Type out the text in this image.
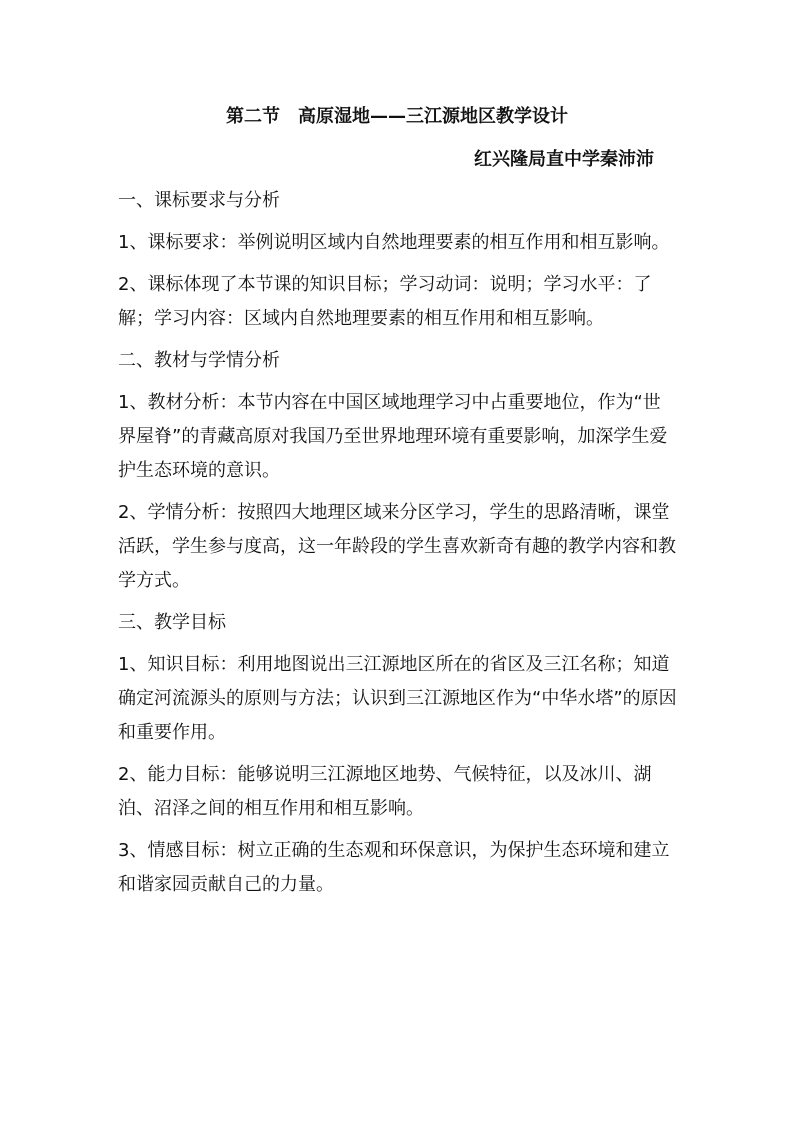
第二节　高原湿地——三江源地区教学设计
红兴隆局直中学秦沛沛

一、课标要求与分析

1、课标要求：举例说明区域内自然地理要素的相互作用和相互影响。

2、课标体现了本节课的知识目标；学习动词：说明；学习水平：了解；学习内容：区域内自然地理要素的相互作用和相互影响。

二、教材与学情分析

1、教材分析：本节内容在中国区域地理学习中占重要地位，作为“世界屋脊”的青藏高原对我国乃至世界地理环境有重要影响，加深学生爱护生态环境的意识。

2、学情分析：按照四大地理区域来分区学习，学生的思路清晰，课堂活跃，学生参与度高，这一年龄段的学生喜欢新奇有趣的教学内容和教学方式。

三、教学目标

1、知识目标：利用地图说出三江源地区所在的省区及三江名称；知道确定河流源头的原则与方法；认识到三江源地区作为“中华水塔”的原因和重要作用。

2、能力目标：能够说明三江源地区地势、气候特征，以及冰川、湖泊、沼泽之间的相互作用和相互影响。

3、情感目标：树立正确的生态观和环保意识，为保护生态环境和建立和谐家园贡献自己的力量。
